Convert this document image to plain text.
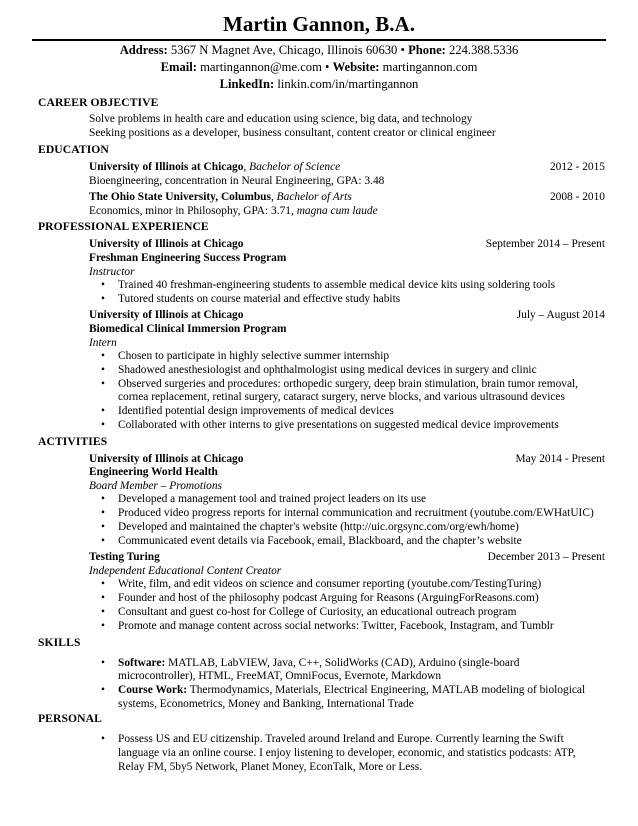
Martin Gannon, B.A.
Address: 5367 N Magnet Ave, Chicago, Illinois 60630 • Phone: 224.388.5336
Email: martingannon@me.com • Website: martingannon.com
LinkedIn: linkin.com/in/martingannon
CAREER OBJECTIVE
Solve problems in health care and education using science, big data, and technology
Seeking positions as a developer, business consultant, content creator or clinical engineer
EDUCATION
University of Illinois at Chicago, Bachelor of Science	2012 - 2015
Bioengineering, concentration in Neural Engineering, GPA: 3.48
The Ohio State University, Columbus, Bachelor of Arts	2008 - 2010
Economics, minor in Philosophy, GPA: 3.71, magna cum laude
PROFESSIONAL EXPERIENCE
University of Illinois at Chicago	September 2014 – Present
Freshman Engineering Success Program
Instructor
• Trained 40 freshman-engineering students to assemble medical device kits using soldering tools
• Tutored students on course material and effective study habits
University of Illinois at Chicago	July – August 2014
Biomedical Clinical Immersion Program
Intern
• Chosen to participate in highly selective summer internship
• Shadowed anesthesiologist and ophthalmologist using medical devices in surgery and clinic
• Observed surgeries and procedures: orthopedic surgery, deep brain stimulation, brain tumor removal,
cornea replacement, retinal surgery, cataract surgery, nerve blocks, and various ultrasound devices
• Identified potential design improvements of medical devices
• Collaborated with other interns to give presentations on suggested medical device improvements
ACTIVITIES
University of Illinois at Chicago	May 2014 - Present
Engineering World Health
Board Member – Promotions
• Developed a management tool and trained project leaders on its use
• Produced video progress reports for internal communication and recruitment (youtube.com/EWHatUIC)
• Developed and maintained the chapter's website (http://uic.orgsync.com/org/ewh/home)
• Communicated event details via Facebook, email, Blackboard, and the chapter’s website
Testing Turing	December 2013 – Present
Independent Educational Content Creator
• Write, film, and edit videos on science and consumer reporting (youtube.com/TestingTuring)
• Founder and host of the philosophy podcast Arguing for Reasons (ArguingForReasons.com)
• Consultant and guest co-host for College of Curiosity, an educational outreach program
• Promote and manage content across social networks: Twitter, Facebook, Instagram, and Tumblr
SKILLS
• Software: MATLAB, LabVIEW, Java, C++, SolidWorks (CAD), Arduino (single-board
microcontroller), HTML, FreeMAT, OmniFocus, Evernote, Markdown
• Course Work: Thermodynamics, Materials, Electrical Engineering, MATLAB modeling of biological
systems, Econometrics, Money and Banking, International Trade
PERSONAL
• Possess US and EU citizenship. Traveled around Ireland and Europe. Currently learning the Swift
language via an online course. I enjoy listening to developer, economic, and statistics podcasts: ATP,
Relay FM, 5by5 Network, Planet Money, EconTalk, More or Less.
